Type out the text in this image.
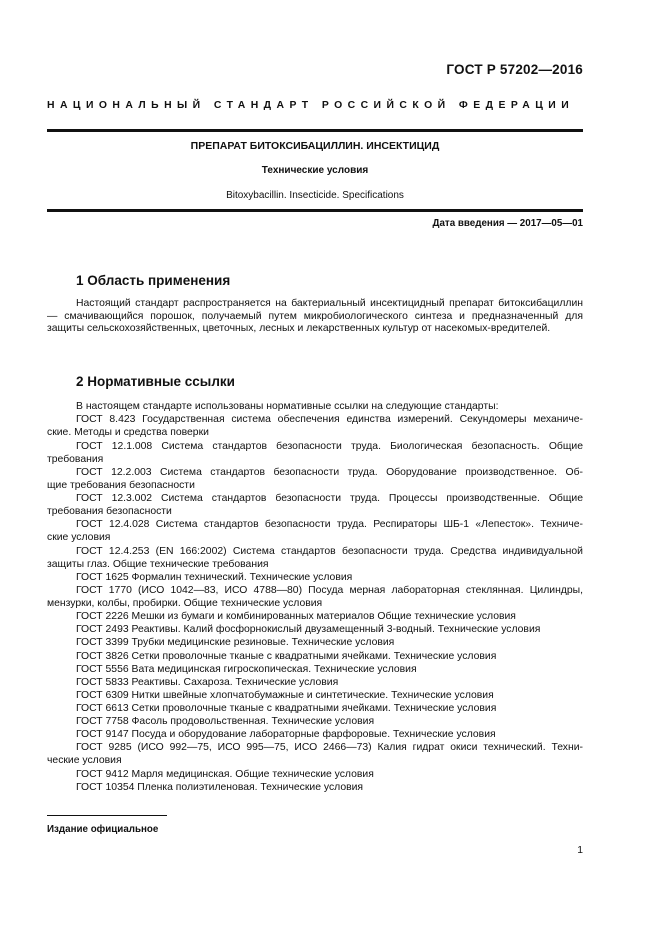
ГОСТ Р 57202—2016
НАЦИОНАЛЬНЫЙ СТАНДАРТ РОССИЙСКОЙ ФЕДЕРАЦИИ
ПРЕПАРАТ БИТОКСИБАЦИЛЛИН. ИНСЕКТИЦИД
Технические условия
Bitoxybacillin. Insecticide. Specifications
Дата введения — 2017—05—01
1 Область применения
Настоящий стандарт распространяется на бактериальный инсектицидный препарат битоксибациллин — смачивающийся порошок, получаемый путем микробиологического синтеза и предназначенный для защиты сельскохозяйственных, цветочных, лесных и лекарственных культур от насекомых-вредителей.
2 Нормативные ссылки
В настоящем стандарте использованы нормативные ссылки на следующие стандарты:
ГОСТ 8.423 Государственная система обеспечения единства измерений. Секундомеры механиче-
ские. Методы и средства поверки
ГОСТ 12.1.008 Система стандартов безопасности труда. Биологическая безопасность. Общие
требования
ГОСТ 12.2.003 Система стандартов безопасности труда. Оборудование производственное. Об-
щие требования безопасности
ГОСТ 12.3.002 Система стандартов безопасности труда. Процессы производственные. Общие
требования безопасности
ГОСТ 12.4.028 Система стандартов безопасности труда. Респираторы ШБ-1 «Лепесток». Техниче-
ские условия
ГОСТ 12.4.253 (EN 166:2002) Система стандартов безопасности труда. Средства индивидуальной
защиты глаз. Общие технические требования
ГОСТ 1625 Формалин технический. Технические условия
ГОСТ 1770 (ИСО 1042—83, ИСО 4788—80) Посуда мерная лабораторная стеклянная. Цилиндры,
мензурки, колбы, пробирки. Общие технические условия
ГОСТ 2226 Мешки из бумаги и комбинированных материалов Общие технические условия
ГОСТ 2493 Реактивы. Калий фосфорнокислый двузамещенный 3-водный. Технические условия
ГОСТ 3399 Трубки медицинские резиновые. Технические условия
ГОСТ 3826 Сетки проволочные тканые с квадратными ячейками. Технические условия
ГОСТ 5556 Вата медицинская гигроскопическая. Технические условия
ГОСТ 5833 Реактивы. Сахароза. Технические условия
ГОСТ 6309 Нитки швейные хлопчатобумажные и синтетические. Технические условия
ГОСТ 6613 Сетки проволочные тканые с квадратными ячейками. Технические условия
ГОСТ 7758 Фасоль продовольственная. Технические условия
ГОСТ 9147 Посуда и оборудование лабораторные фарфоровые. Технические условия
ГОСТ 9285 (ИСО 992—75, ИСО 995—75, ИСО 2466—73) Калия гидрат окиси технический. Техни-
ческие условия
ГОСТ 9412 Марля медицинская. Общие технические условия
ГОСТ 10354 Пленка полиэтиленовая. Технические условия
Издание официальное
1
